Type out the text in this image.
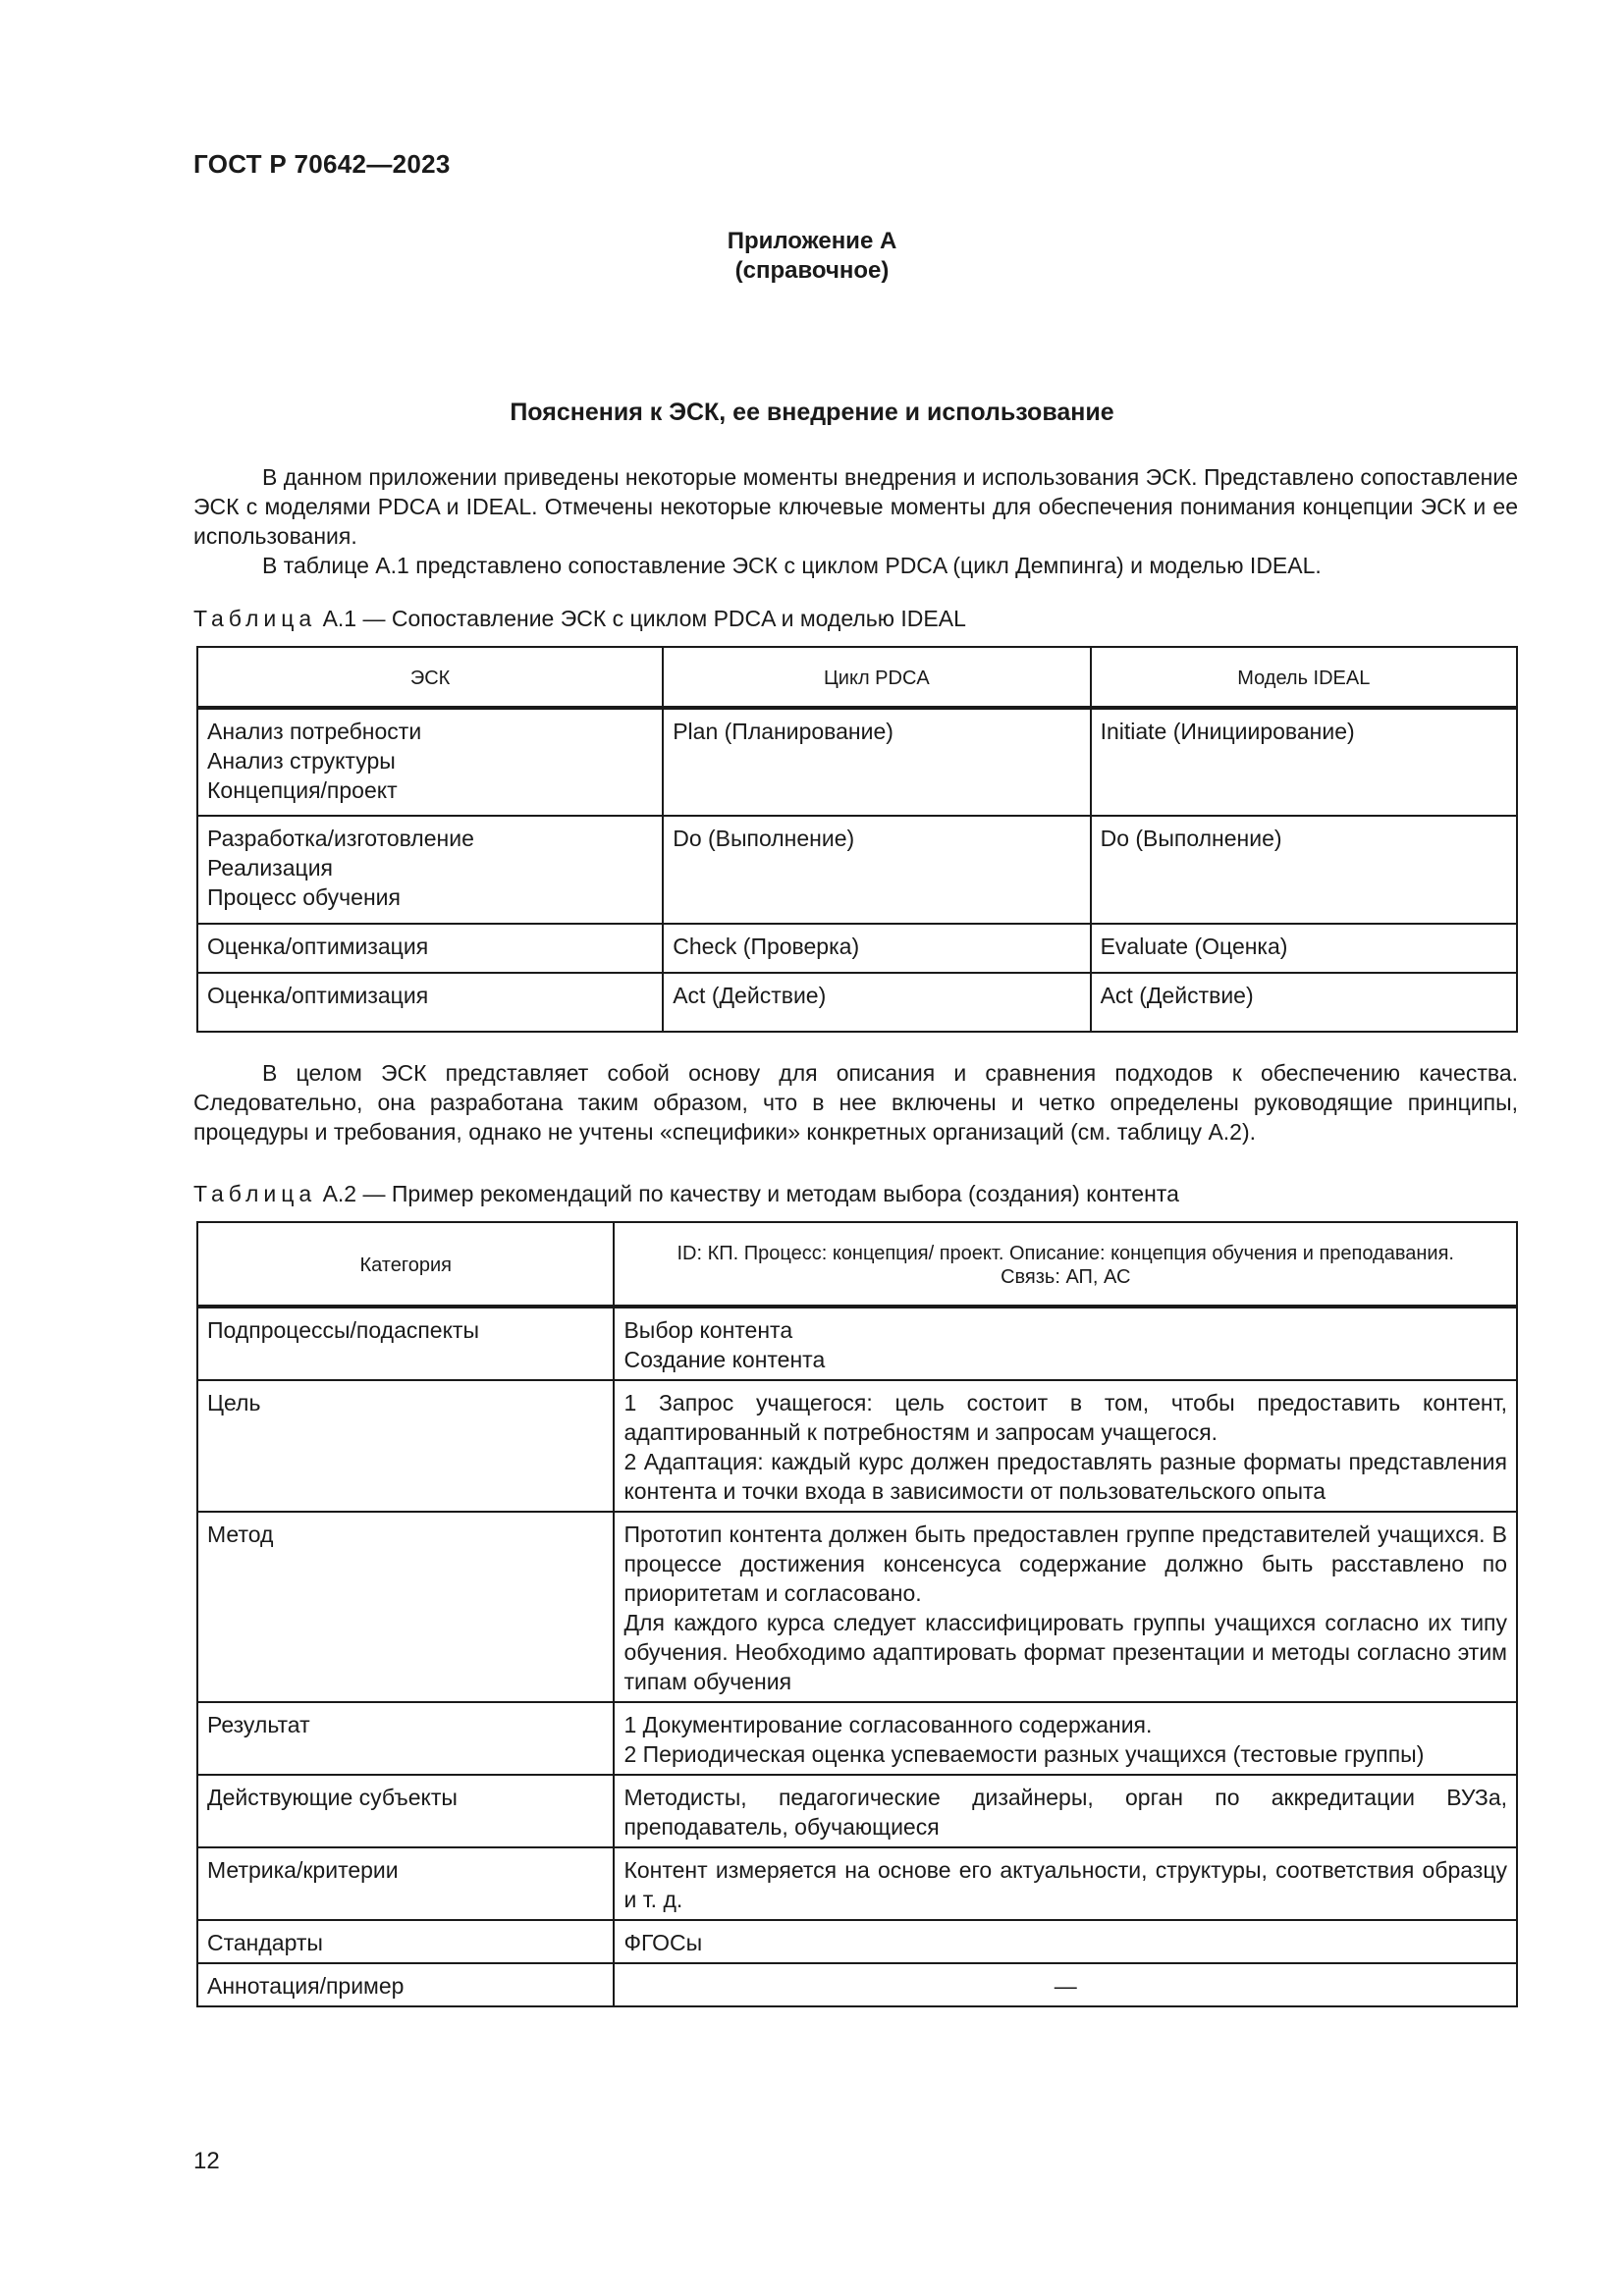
ГОСТ Р 70642—2023
Приложение А
(справочное)
Пояснения к ЭСК, ее внедрение и использование

В данном приложении приведены некоторые моменты внедрения и использования ЭСК. Представлено сопоставление ЭСК с моделями PDCA и IDEAL. Отмечены некоторые ключевые моменты для обеспечения понимания концепции ЭСК и ее использования.

В таблице А.1 представлено сопоставление ЭСК с циклом PDCA (цикл Демпинга) и моделью IDEAL.

Таблица А.1 — Сопоставление ЭСК с циклом PDCA и моделью IDEAL
ЭСК	Цикл PDCA	Модель IDEAL

Анализ потребности
Анализ структуры
Концепция/проект	Plan (Планирование)	Initiate (Инициирование)

Разработка/изготовление
Реализация
Процесс обучения	Do (Выполнение)	Do (Выполнение)
Оценка/оптимизация	Check (Проверка)	Evaluate (Оценка)
Оценка/оптимизация	Act (Действие)	Act (Действие)

В целом ЭСК представляет собой основу для описания и сравнения подходов к обеспечению качества. Следовательно, она разработана таким образом, что в нее включены и четко определены руководящие принципы, процедуры и требования, однако не учтены «специфики» конкретных организаций (см. таблицу А.2).

Таблица А.2 — Пример рекомендаций по качеству и методам выбора (создания) контента
Категория	ID: КП. Процесс: концепция/ проект. Описание: концепция обучения и преподавания.
Связь: АП, АС

Подпроцессы/подаспекты	Выбор контента
Создание контента

Цель	1 Запрос учащегося: цель состоит в том, чтобы предоставить контент, адаптированный к потребностям и запросам учащегося.
2 Адаптация: каждый курс должен предоставлять разные форматы представления контента и точки входа в зависимости от пользовательского опыта

Метод	Прототип контента должен быть предоставлен группе представителей учащихся. В процессе достижения консенсуса содержание должно быть расставлено по приоритетам и согласовано.
Для каждого курса следует классифицировать группы учащихся согласно их типу обучения. Необходимо адаптировать формат презентации и методы согласно этим типам обучения

Результат	1 Документирование согласованного содержания.
2 Периодическая оценка успеваемости разных учащихся (тестовые группы)

Действующие субъекты	Методисты, педагогические дизайнеры, орган по аккредитации ВУЗа, преподаватель, обучающиеся
Метрика/критерии	Контент измеряется на основе его актуальности, структуры, соответствия образцу и т. д.
Стандарты	ФГОСы
Аннотация/пример	—
12
